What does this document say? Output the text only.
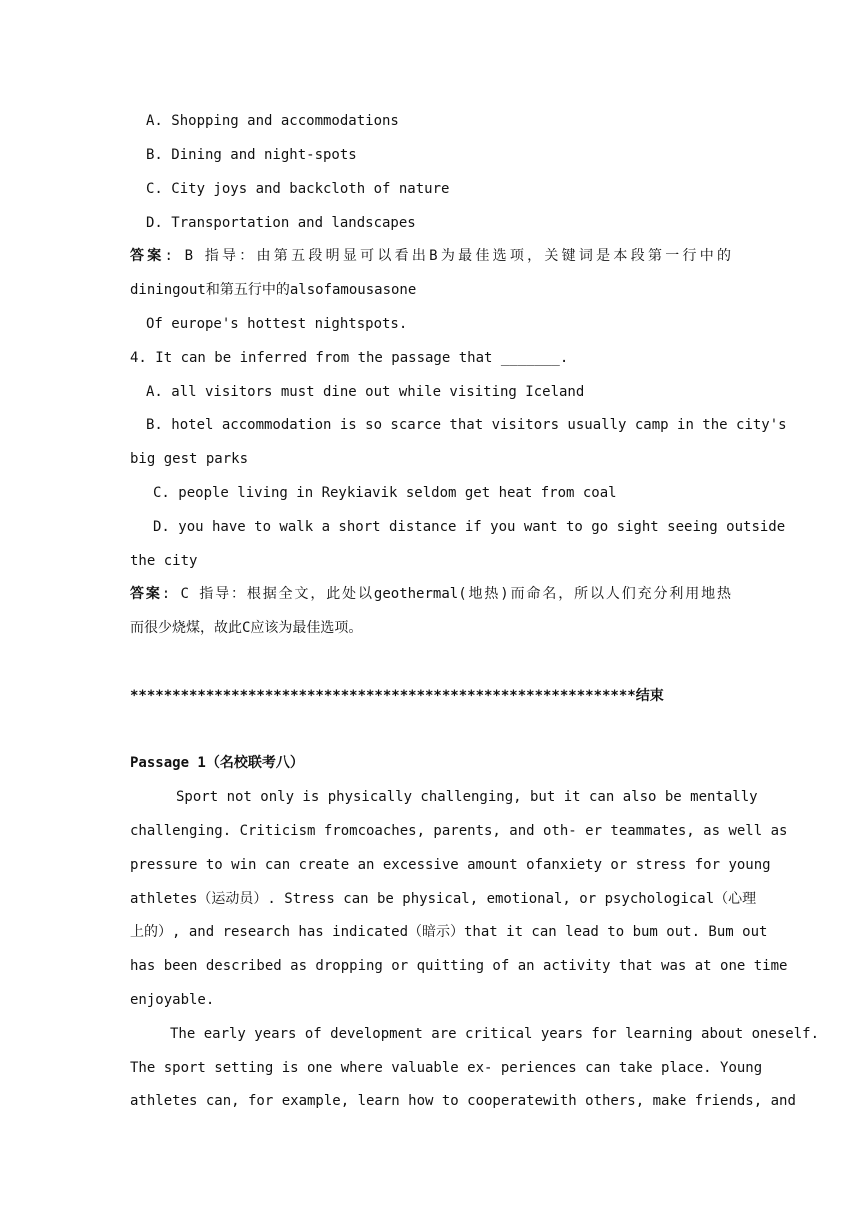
A. Shopping and accommodations

B. Dining and night-spots

C. City joys and backcloth of nature

D. Transportation and landscapes

答案: B 指导：由第五段明显可以看出B为最佳选项，关键词是本段第一行中的

diningout和第五行中的alsofamousasone

Of europe's hottest nightspots.

4. It can be inferred from the passage that _______.

A. all visitors must dine out while visiting Iceland

B. hotel accommodation is so scarce that visitors usually camp in the city's

big gest parks

C. people living in Reykiavik seldom get heat from coal

D. you have to walk a short distance if you want to go sight seeing outside

the city

答案: C 指导：根据全文，此处以geothermal(地热)而命名，所以人们充分利用地热

而很少烧煤，故此C应该为最佳选项。

************************************************************结束

Passage 1（名校联考八）

Sport not only is physically challenging, but it can also be mentally

challenging. Criticism fromcoaches, parents, and oth- er teammates, as well as

pressure to win can create an excessive amount ofanxiety or stress for young

athletes（运动员）. Stress can be physical, emotional, or psychological（心理

上的）, and research has indicated（暗示）that it can lead to bum out. Bum out

has been described as dropping or quitting of an activity that was at one time

enjoyable.

The early years of development are critical years for learning about oneself.

The sport setting is one where valuable ex- periences can take place. Young

athletes can, for example, learn how to cooperatewith others, make friends, and
